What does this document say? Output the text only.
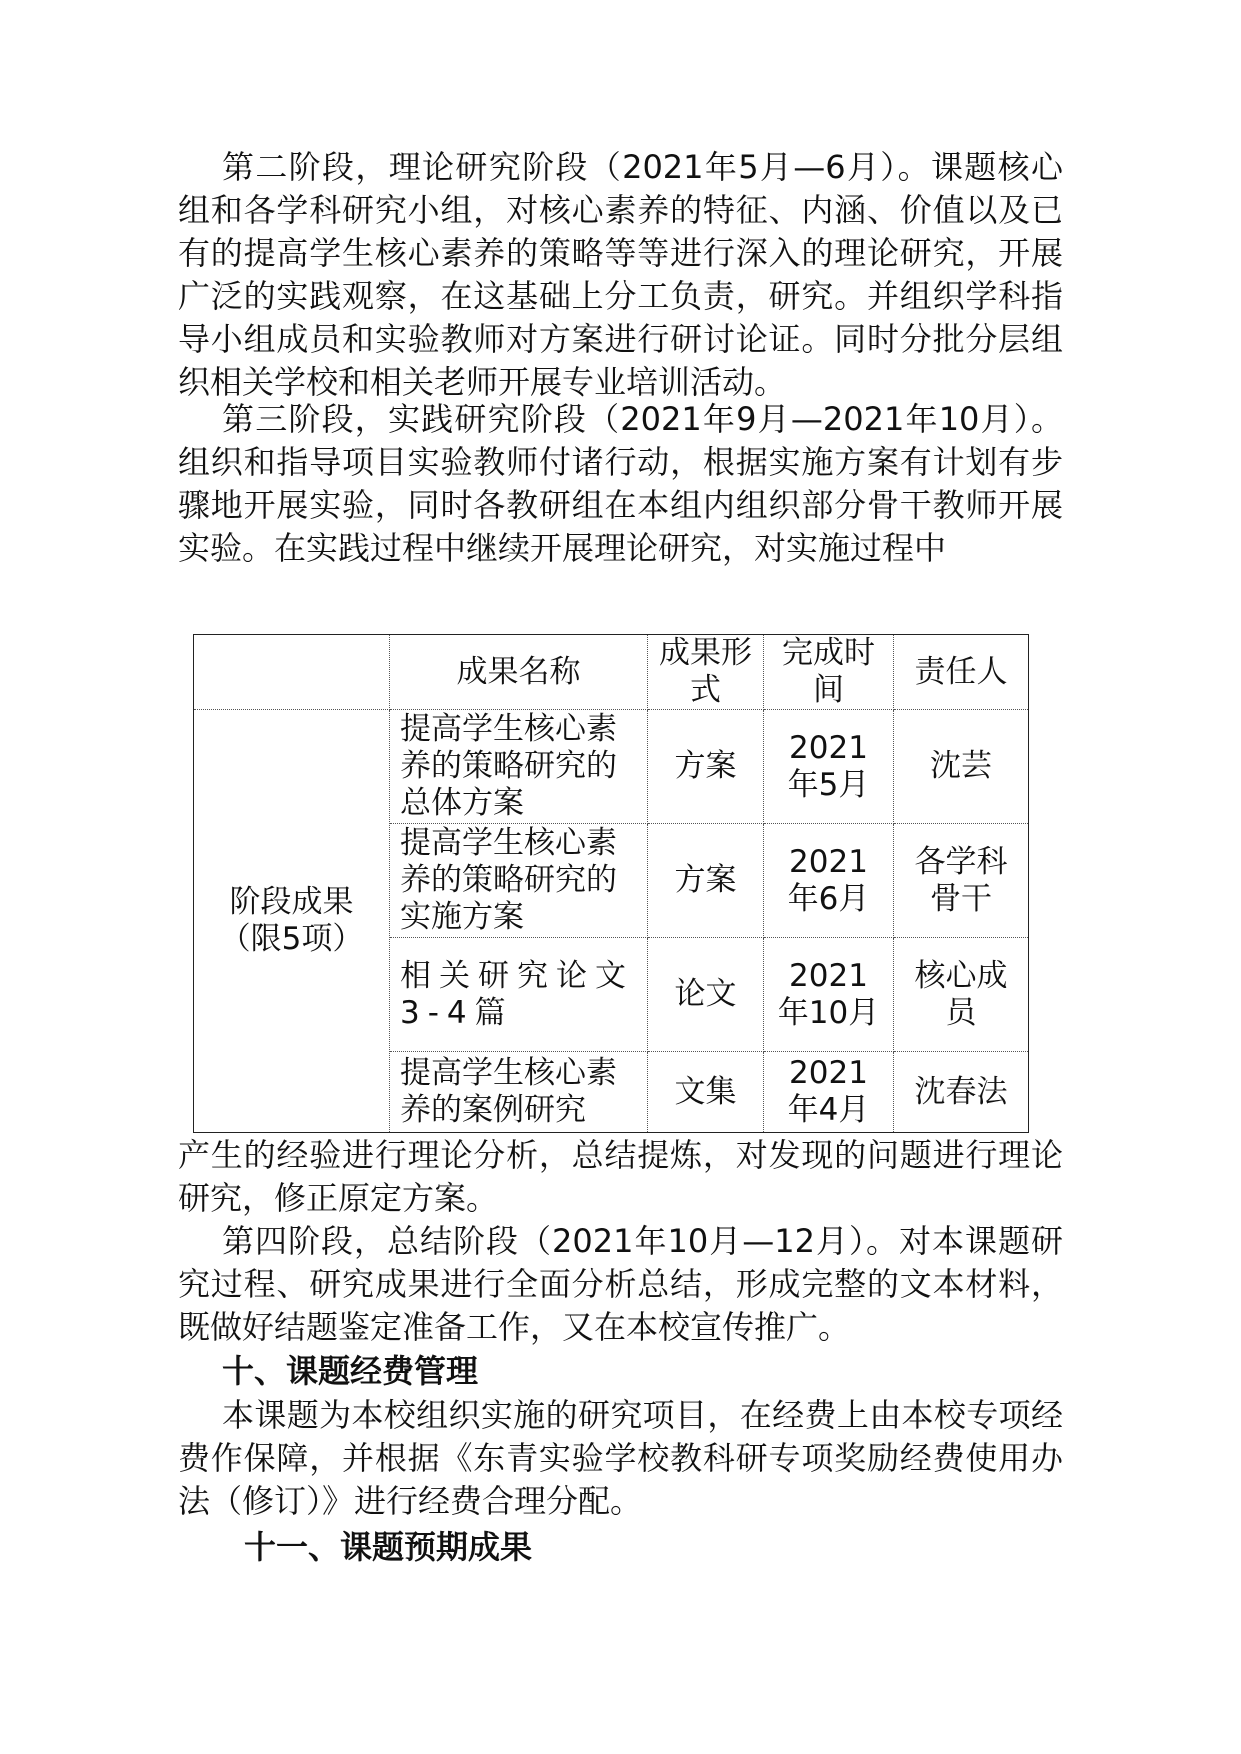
第二阶段，理论研究阶段（2021年5月—6月）。课题核心组和各学科研究小组，对核心素养的特征、内涵、价值以及已有的提高学生核心素养的策略等等进行深入的理论研究，开展广泛的实践观察，在这基础上分工负责，研究。并组织学科指导小组成员和实验教师对方案进行研讨论证。同时分批分层组织相关学校和相关老师开展专业培训活动。

第三阶段，实践研究阶段（2021年9月—2021年10月）。组织和指导项目实验教师付诸行动，根据实施方案有计划有步骤地开展实验，同时各教研组在本组内组织部分骨干教师开展实验。在实践过程中继续开展理论研究，对实施过程中

	成果名称	成果形式	完成时间	责任人
阶段成果（限5项）	提高学生核心素养的策略研究的总体方案	方案	2021年5月	沈芸
	提高学生核心素养的策略研究的实施方案	方案	2021年6月	各学科骨干
	相关研究论文3-4篇	论文	2021年10月	核心成员
	提高学生核心素养的案例研究	文集	2021年4月	沈春法

产生的经验进行理论分析，总结提炼，对发现的问题进行理论研究，修正原定方案。

第四阶段，总结阶段（2021年10月—12月）。对本课题研究过程、研究成果进行全面分析总结，形成完整的文本材料，既做好结题鉴定准备工作，又在本校宣传推广。

十、课题经费管理

本课题为本校组织实施的研究项目，在经费上由本校专项经费作保障，并根据《东青实验学校教科研专项奖励经费使用办法（修订）》进行经费合理分配。

十一、课题预期成果
